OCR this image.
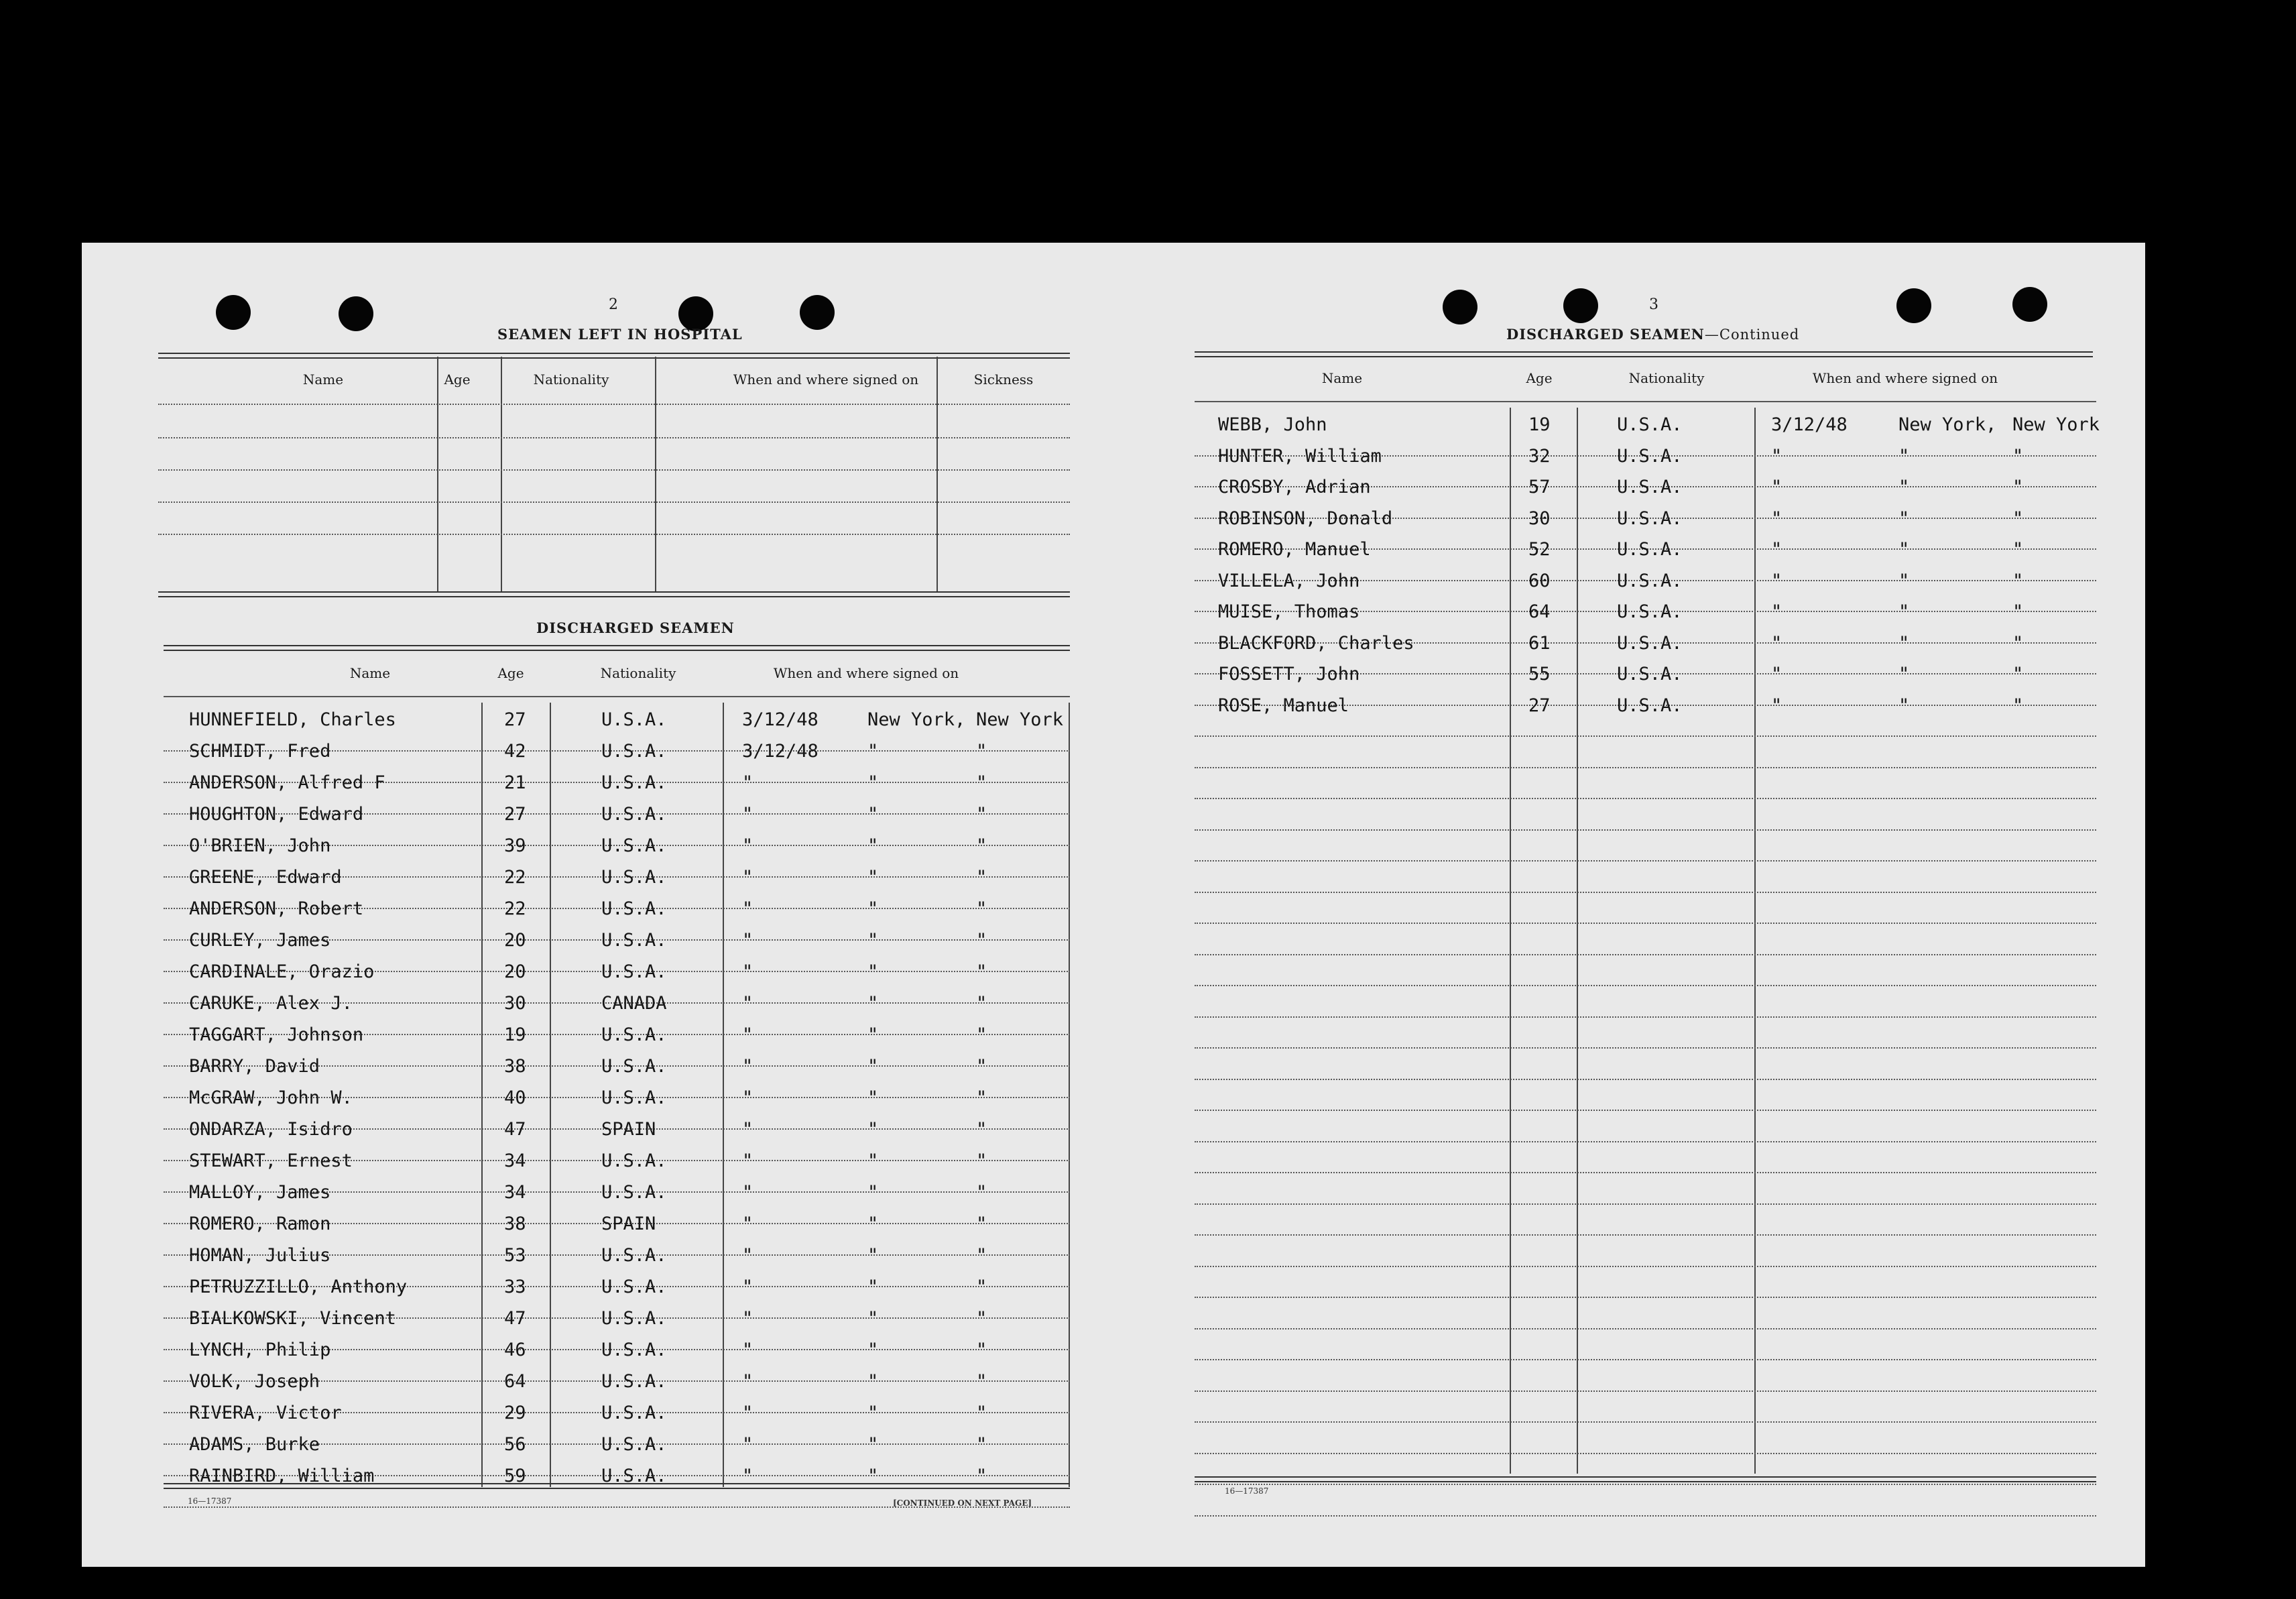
2
SEAMEN LEFT IN HOSPITAL
Name	Age	Nationality	When and where signed on	Sickness
DISCHARGED SEAMEN
Name	Age	Nationality	When and where signed on
HUNNEFIELD, Charles	27	U.S.A.	3/12/48	New York, New York
SCHMIDT, Fred	42	U.S.A.	3/12/48	"	"
ANDERSON, Alfred F	21	U.S.A.	"	"	"
HOUGHTON, Edward	27	U.S.A.	"	"	"
O'BRIEN, John	39	U.S.A.	"	"	"
GREENE, Edward	22	U.S.A.	"	"	"
ANDERSON, Robert	22	U.S.A.	"	"	"
CURLEY, James	20	U.S.A.	"	"	"
CARDINALE, Orazio	20	U.S.A.	"	"	"
CARUKE, Alex J.	30	CANADA	"	"	"
TAGGART, Johnson	19	U.S.A.	"	"	"
BARRY, David	38	U.S.A.	"	"	"
McGRAW, John W.	40	U.S.A.	"	"	"
ONDARZA, Isidro	47	SPAIN	"	"	"
STEWART, Ernest	34	U.S.A.	"	"	"
MALLOY, James	34	U.S.A.	"	"	"
ROMERO, Ramon	38	SPAIN	"	"	"
HOMAN, Julius	53	U.S.A.	"	"	"
PETRUZZILLO, Anthony	33	U.S.A.	"	"	"
BIALKOWSKI, Vincent	47	U.S.A.	"	"	"
LYNCH, Philip	46	U.S.A.	"	"	"
VOLK, Joseph	64	U.S.A.	"	"	"
RIVERA, Victor	29	U.S.A.	"	"	"
ADAMS, Burke	56	U.S.A.	"	"	"
RAINBIRD, William	59	U.S.A.	"	"	"
16—17387	[CONTINUED ON NEXT PAGE]
3
DISCHARGED SEAMEN—Continued
Name	Age	Nationality	When and where signed on
WEBB, John	19	U.S.A.	3/12/48	New York, New York
HUNTER, William	32	U.S.A.	"	"	"
CROSBY, Adrian	57	U.S.A.	"	"	"
ROBINSON, Donald	30	U.S.A.	"	"	"
ROMERO, Manuel	52	U.S.A.	"	"	"
VILLELA, John	60	U.S.A.	"	"	"
MUISE, Thomas	64	U.S.A.	"	"	"
BLACKFORD, Charles	61	U.S.A.	"	"	"
FOSSETT, John	55	U.S.A.	"	"	"
ROSE, Manuel	27	U.S.A.	"	"	"
16—17387
